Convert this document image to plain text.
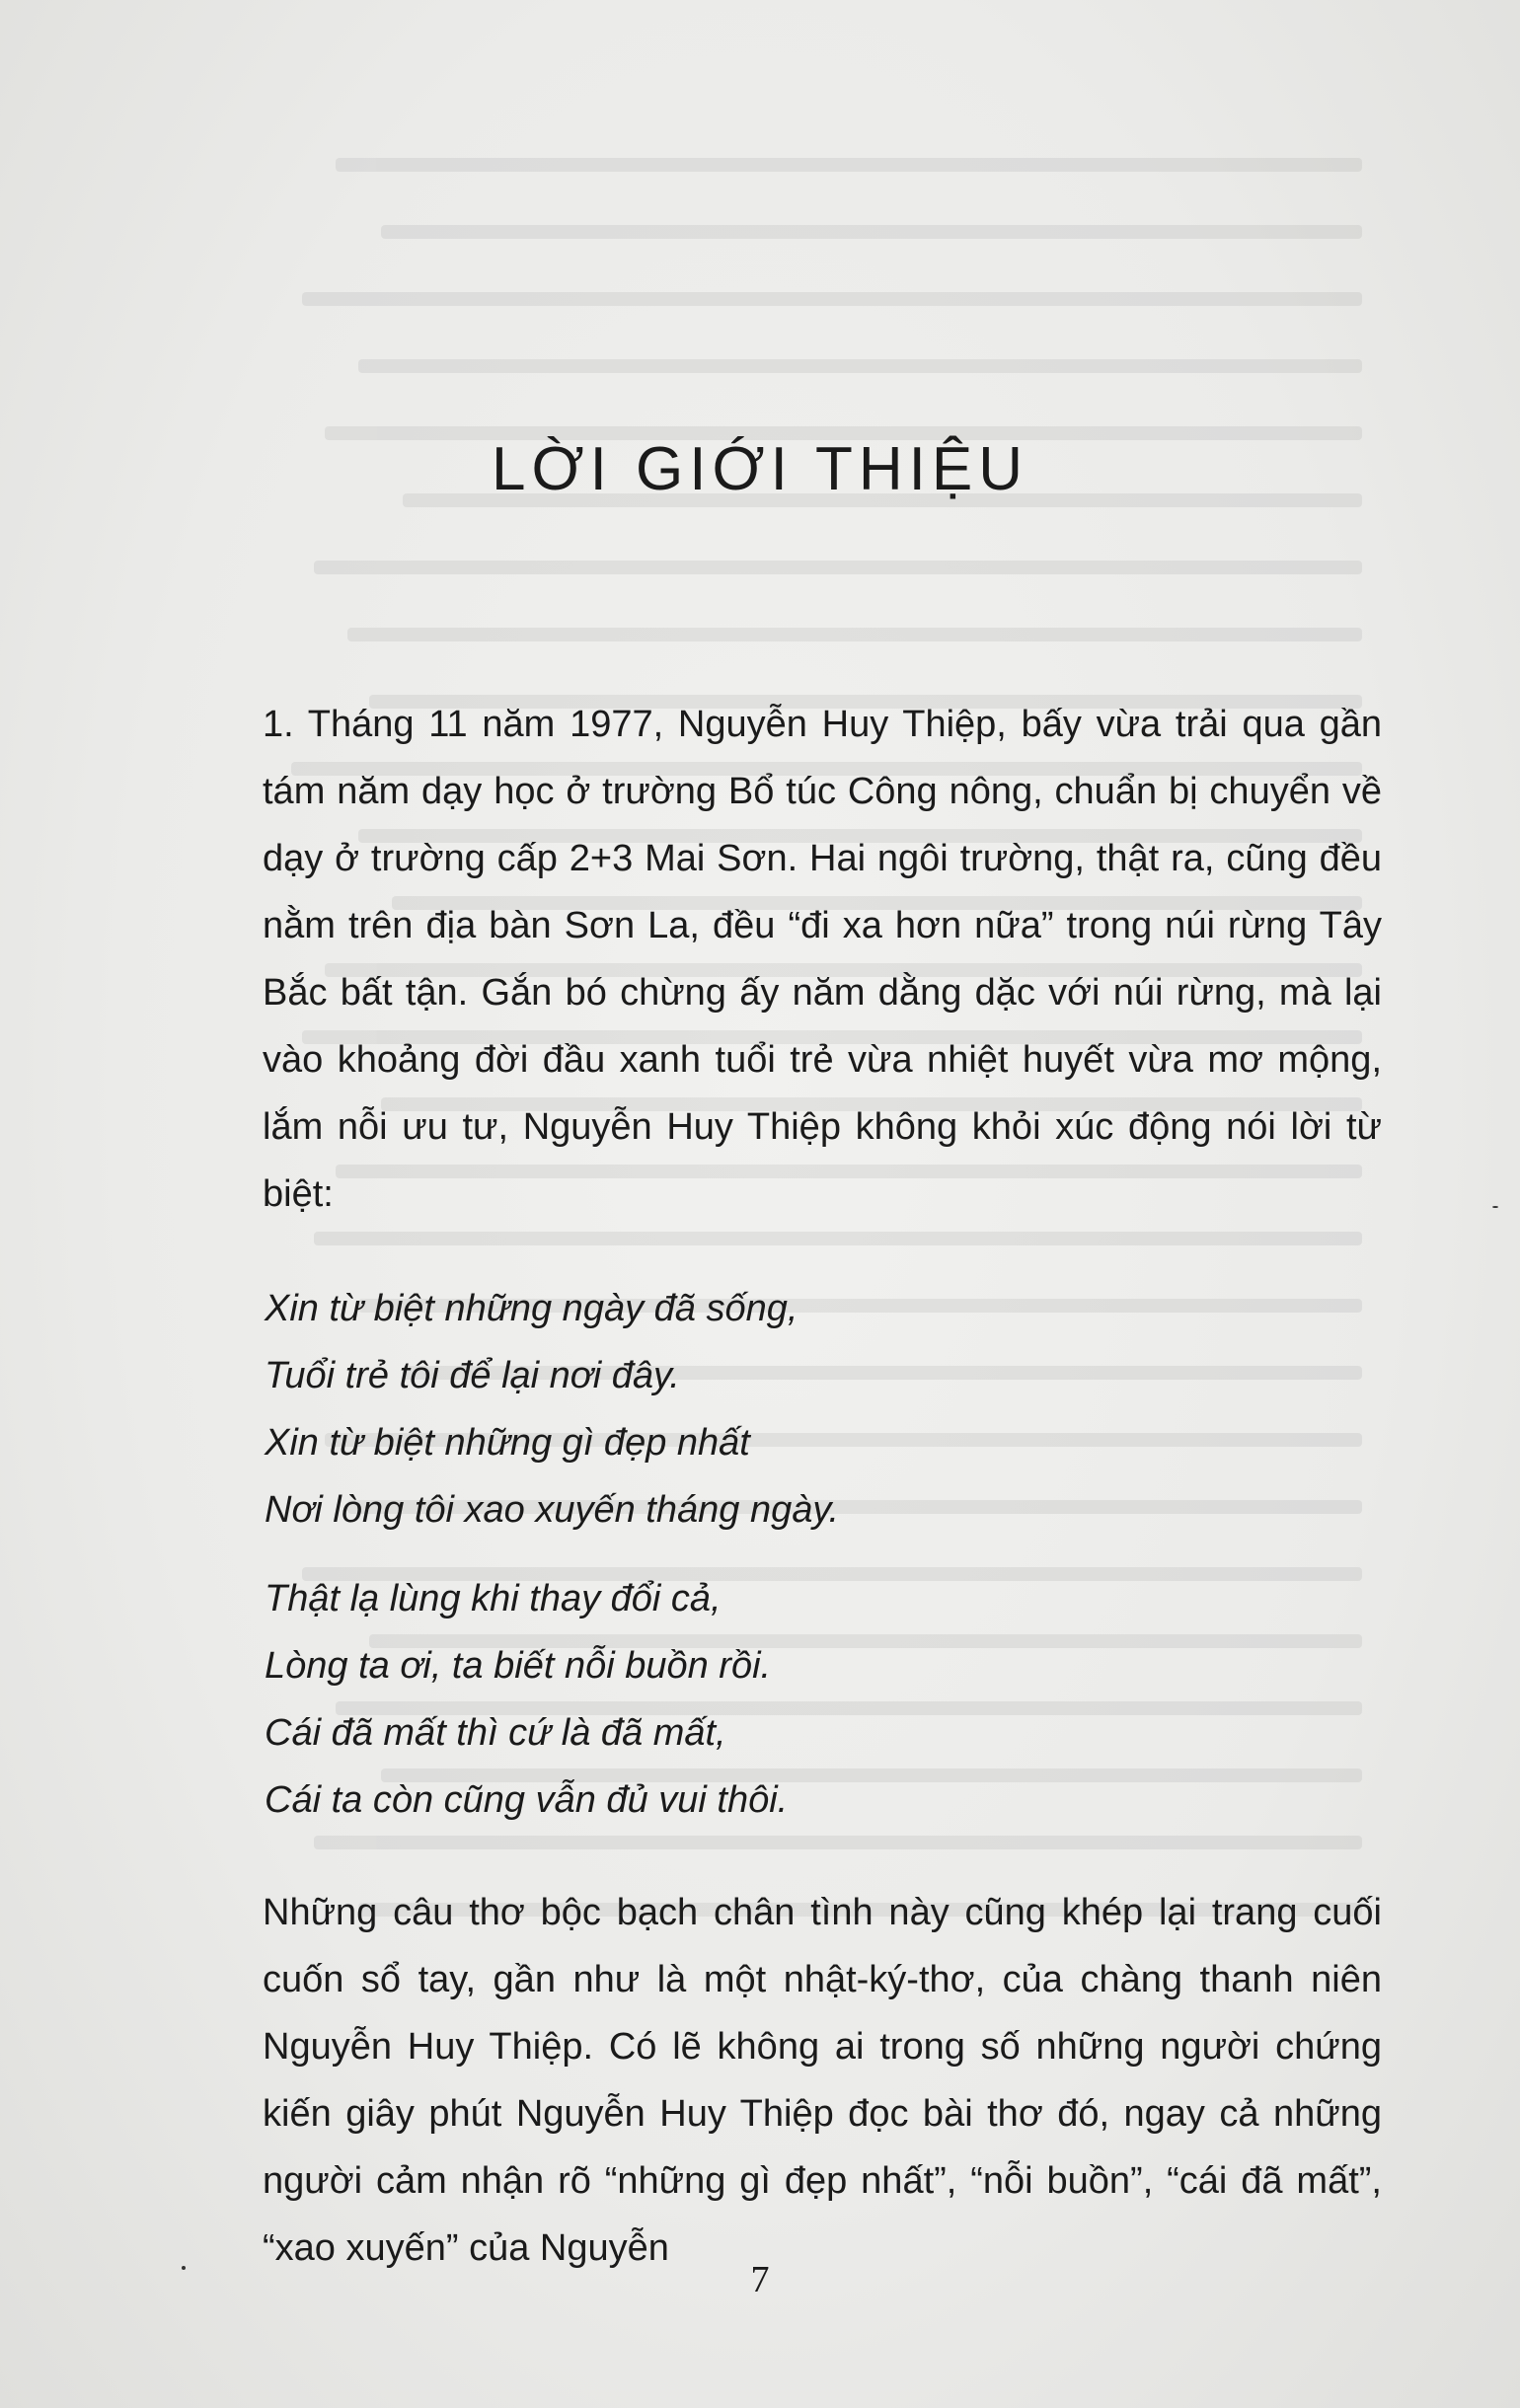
LỜI GIỚI THIỆU

1. Tháng 11 năm 1977, Nguyễn Huy Thiệp, bấy vừa trải qua gần tám năm dạy học ở trường Bổ túc Công nông, chuẩn bị chuyển về dạy ở trường cấp 2+3 Mai Sơn. Hai ngôi trường, thật ra, cũng đều nằm trên địa bàn Sơn La, đều “đi xa hơn nữa” trong núi rừng Tây Bắc bất tận. Gắn bó chừng ấy năm dằng dặc với núi rừng, mà lại vào khoảng đời đầu xanh tuổi trẻ vừa nhiệt huyết vừa mơ mộng, lắm nỗi ưu tư, Nguyễn Huy Thiệp không khỏi xúc động nói lời từ biệt:

Xin từ biệt những ngày đã sống,
Tuổi trẻ tôi để lại nơi đây.
Xin từ biệt những gì đẹp nhất
Nơi lòng tôi xao xuyến tháng ngày.
Thật lạ lùng khi thay đổi cả,
Lòng ta ơi, ta biết nỗi buồn rồi.
Cái đã mất thì cứ là đã mất,
Cái ta còn cũng vẫn đủ vui thôi.

Những câu thơ bộc bạch chân tình này cũng khép lại trang cuối cuốn sổ tay, gần như là một nhật-ký-thơ, của chàng thanh niên Nguyễn Huy Thiệp. Có lẽ không ai trong số những người chứng kiến giây phút Nguyễn Huy Thiệp đọc bài thơ đó, ngay cả những người cảm nhận rõ “những gì đẹp nhất”, “nỗi buồn”, “cái đã mất”, “xao xuyến” của Nguyễn

7
